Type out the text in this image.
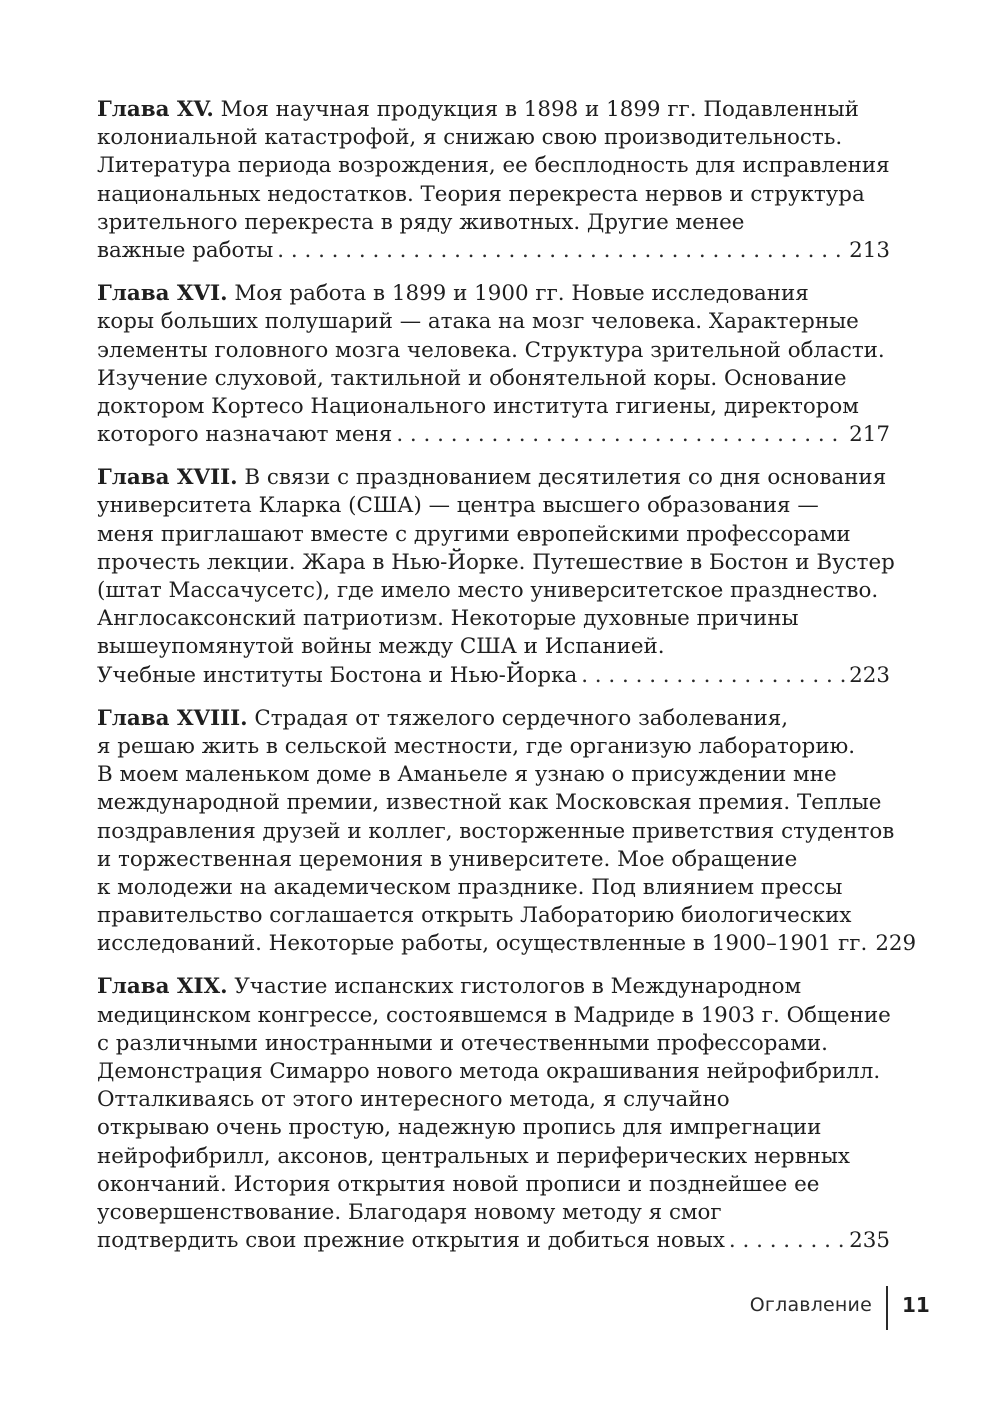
Глава XV. Моя научная продукция в 1898 и 1899 гг. Подавленный
колониальной катастрофой, я снижаю свою производительность.
Литература периода возрождения, ее бесплодность для исправления
национальных недостатков. Теория перекреста нервов и структура
зрительного перекреста в ряду животных. Другие менее
важные работы . . .	213
Глава XVI. Моя работа в 1899 и 1900 гг. Новые исследования
коры больших полушарий — атака на мозг человека. Характерные
элементы головного мозга человека. Структура зрительной области.
Изучение слуховой, тактильной и обонятельной коры. Основание
доктором Кортесо Национального института гигиены, директором
которого назначают меня . . .	217
Глава XVII. В связи с празднованием десятилетия со дня основания
университета Кларка (США) — центра высшего образования —
меня приглашают вместе с другими европейскими профессорами
прочесть лекции. Жара в Нью-Йорке. Путешествие в Бостон и Вустер
(штат Массачусетс), где имело место университетское празднество.
Англосаксонский патриотизм. Некоторые духовные причины
вышеупомянутой войны между США и Испанией.
Учебные институты Бостона и Нью-Йорка . . .	223
Глава XVIII. Страдая от тяжелого сердечного заболевания,
я решаю жить в сельской местности, где организую лабораторию.
В моем маленьком доме в Аманьеле я узнаю о присуждении мне
международной премии, известной как Московская премия. Теплые
поздравления друзей и коллег, восторженные приветствия студентов
и торжественная церемония в университете. Мое обращение
к молодежи на академическом празднике. Под влиянием прессы
правительство соглашается открыть Лабораторию биологических
исследований. Некоторые работы, осуществленные в 1900–1901 гг. 229
Глава XIX. Участие испанских гистологов в Международном
медицинском конгрессе, состоявшемся в Мадриде в 1903 г. Общение
с различными иностранными и отечественными профессорами.
Демонстрация Симарро нового метода окрашивания нейрофибрилл.
Отталкиваясь от этого интересного метода, я случайно
открываю очень простую, надежную пропись для импрегнации
нейрофибрилл, аксонов, центральных и периферических нервных
окончаний. История открытия новой прописи и позднейшее ее
усовершенствование. Благодаря новому методу я смог
подтвердить свои прежние открытия и добиться новых . . .	235
Оглавление 11
